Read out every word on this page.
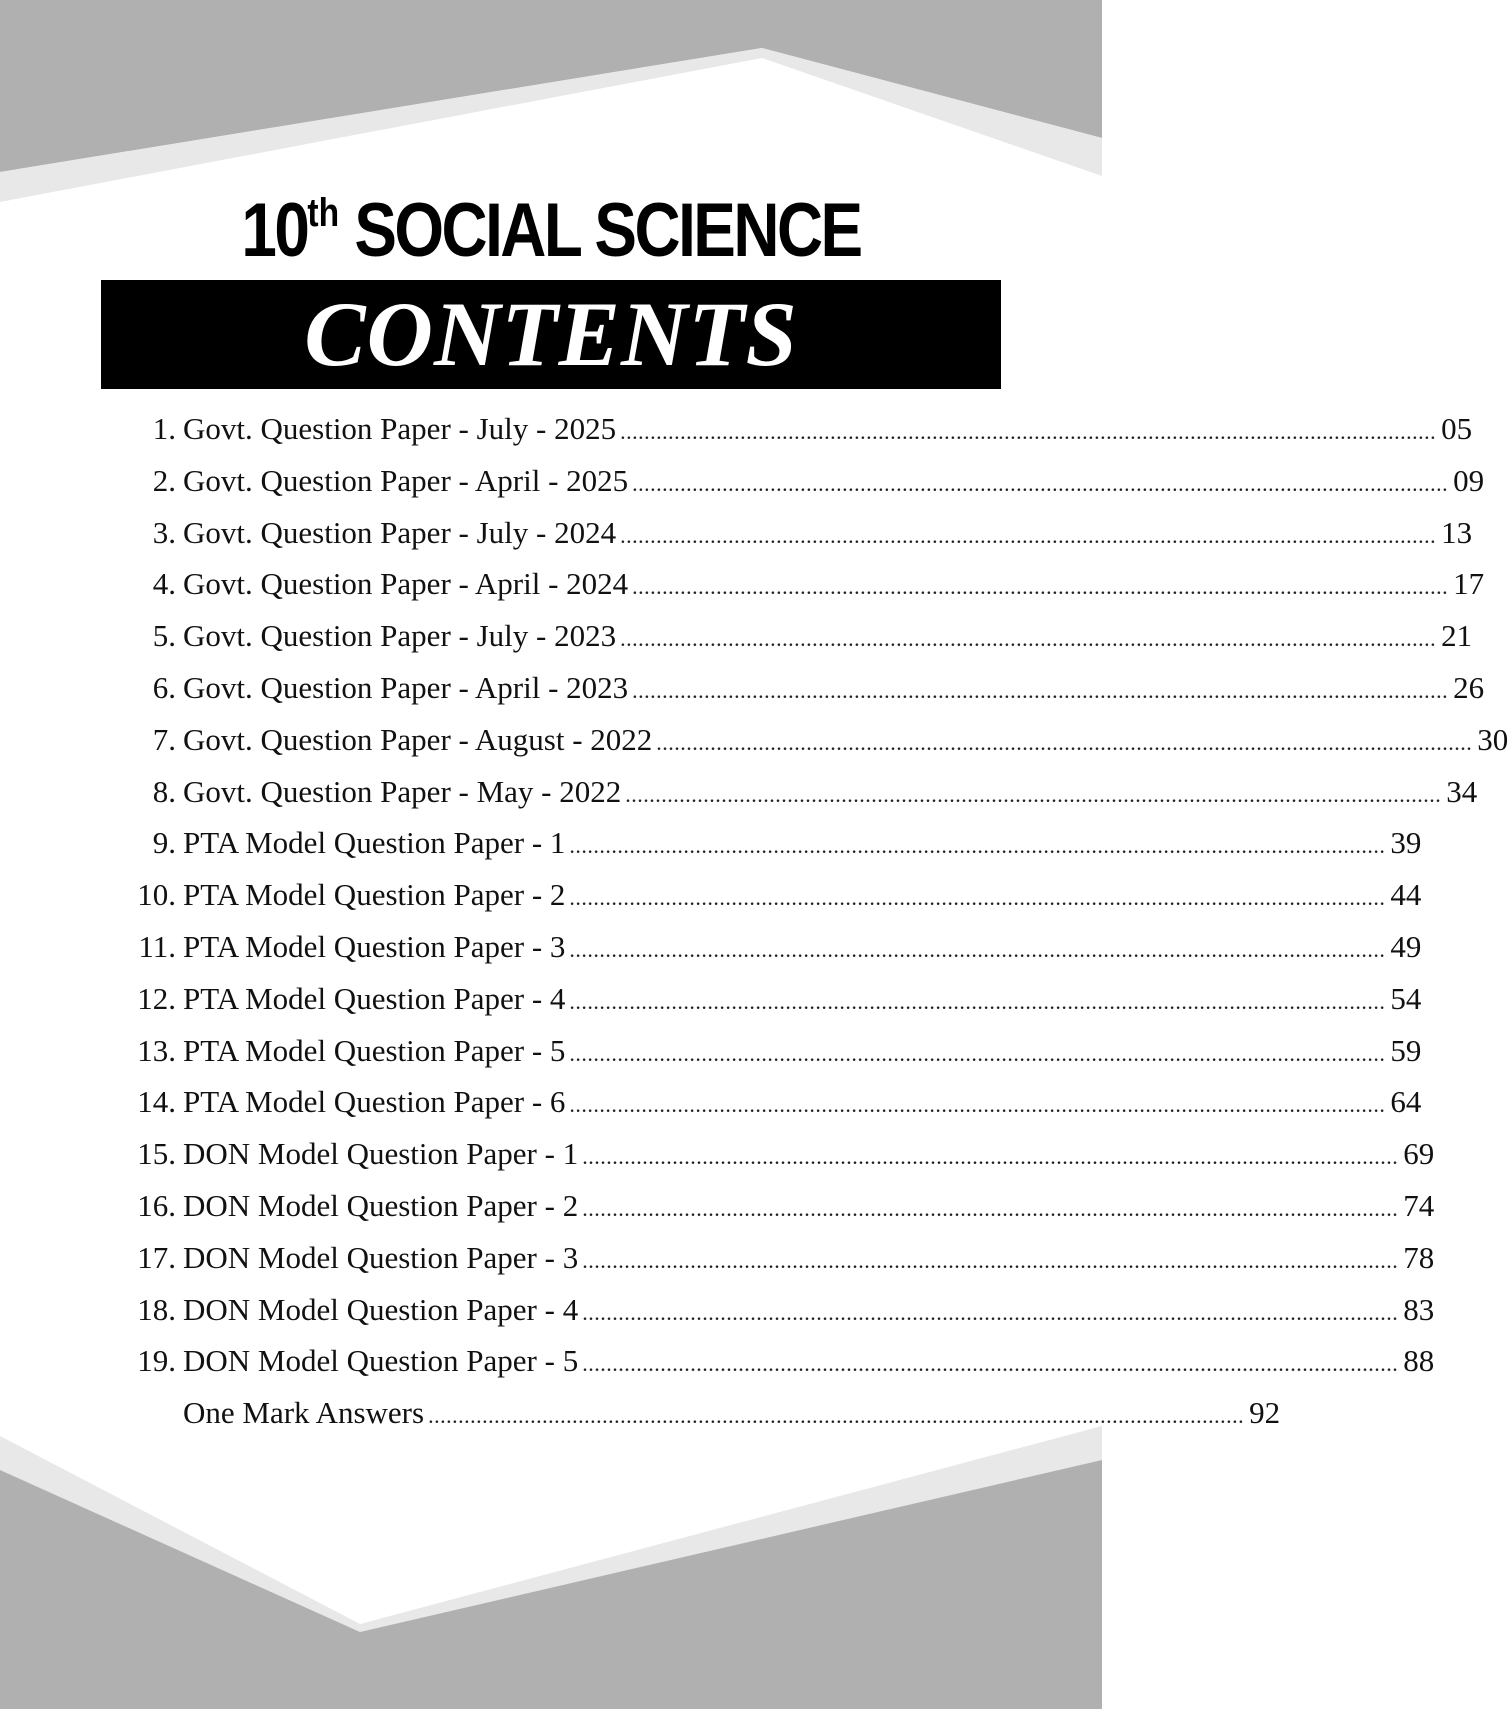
10th SOCIAL SCIENCE
CONTENTS
1. Govt. Question Paper - July - 2025 ........................................................................................................................................ 05
2. Govt. Question Paper - April - 2025 ........................................................................................................................................ 09
3. Govt. Question Paper - July - 2024 ........................................................................................................................................ 13
4. Govt. Question Paper - April - 2024 ........................................................................................................................................ 17
5. Govt. Question Paper - July - 2023 ........................................................................................................................................ 21
6. Govt. Question Paper - April - 2023 ........................................................................................................................................ 26
7. Govt. Question Paper - August - 2022 ........................................................................................................................................ 30
8. Govt. Question Paper - May - 2022 ........................................................................................................................................ 34
9. PTA Model Question Paper - 1 ........................................................................................................................................ 39
10. PTA Model Question Paper - 2 ........................................................................................................................................ 44
11. PTA Model Question Paper - 3 ........................................................................................................................................ 49
12. PTA Model Question Paper - 4 ........................................................................................................................................ 54
13. PTA Model Question Paper - 5 ........................................................................................................................................ 59
14. PTA Model Question Paper - 6 ........................................................................................................................................ 64
15. DON Model Question Paper - 1 ........................................................................................................................................ 69
16. DON Model Question Paper - 2 ........................................................................................................................................ 74
17. DON Model Question Paper - 3 ........................................................................................................................................ 78
18. DON Model Question Paper - 4 ........................................................................................................................................ 83
19. DON Model Question Paper - 5 ........................................................................................................................................ 88
One Mark Answers ........................................................................................................................................ 92
